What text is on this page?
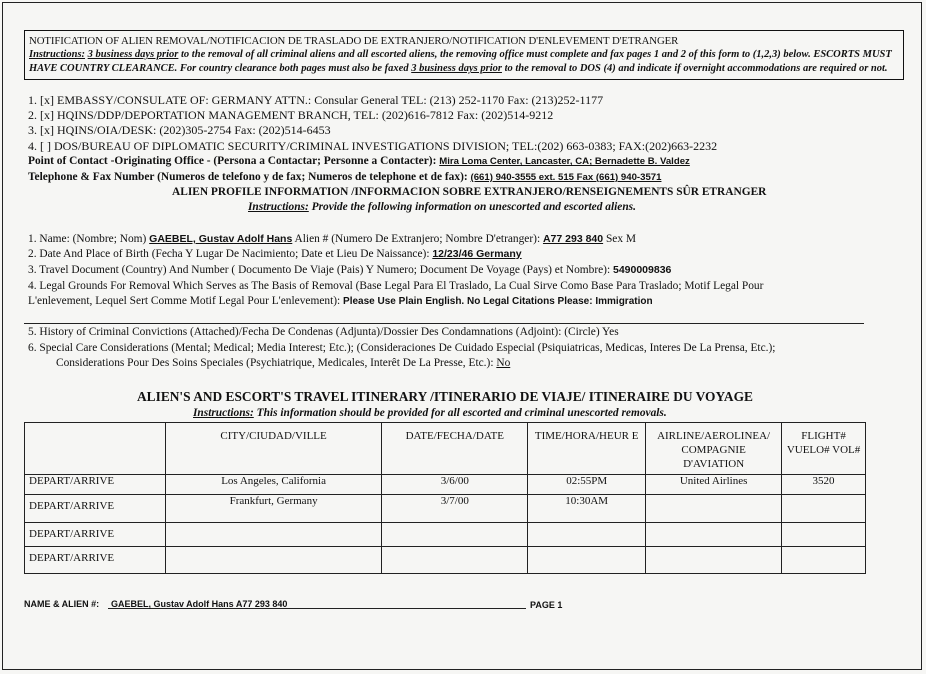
NOTIFICATION OF ALIEN REMOVAL/NOTIFICACION DE TRASLADO DE EXTRANJERO/NOTIFICATION D'ENLEVEMENT D'ETRANGER
Instructions: 3 business days prior to the removal of all criminal aliens and all escorted aliens, the removing office must complete and fax pages 1 and 2 of this form to (1,2,3) below. ESCORTS MUST
HAVE COUNTRY CLEARANCE. For country clearance both pages must also be faxed 3 business days prior to the removal to DOS (4) and indicate if overnight accommodations are required or not.
1. [x] EMBASSY/CONSULATE OF: GERMANY ATTN.: Consular General TEL: (213) 252-1170 Fax: (213)252-1177
2. [x] HQINS/DDP/DEPORTATION MANAGEMENT BRANCH, TEL: (202)616-7812 Fax: (202)514-9212
3. [x] HQINS/OIA/DESK: (202)305-2754 Fax: (202)514-6453
4. [ ] DOS/BUREAU OF DIPLOMATIC SECURITY/CRIMINAL INVESTIGATIONS DIVISION; TEL:(202) 663-0383; FAX:(202)663-2232
Point of Contact -Originating Office - (Persona a Contactar; Personne a Contacter): Mira Loma Center, Lancaster, CA; Bernadette B. Valdez
Telephone & Fax Number (Numeros de telefono y de fax; Numeros de telephone et de fax): (661) 940-3555 ext. 515 Fax (661) 940-3571
ALIEN PROFILE INFORMATION /INFORMACION SOBRE EXTRANJERO/RENSEIGNEMENTS SÛR ETRANGER
Instructions: Provide the following information on unescorted and escorted aliens.
1. Name: (Nombre; Nom) GAEBEL, Gustav Adolf Hans Alien # (Numero De Extranjero; Nombre D'etranger): A77 293 840 Sex M
2. Date And Place of Birth (Fecha Y Lugar De Nacimiento; Date et Lieu De Naissance): 12/23/46 Germany
3. Travel Document (Country) And Number ( Documento De Viaje (Pais) Y Numero; Document De Voyage (Pays) et Nombre): 5490009836
4. Legal Grounds For Removal Which Serves as The Basis of Removal (Base Legal Para El Traslado, La Cual Sirve Como Base Para Traslado; Motif Legal Pour
L'enlevement, Lequel Sert Comme Motif Legal Pour L'enlevement): Please Use Plain English. No Legal Citations Please: Immigration
5. History of Criminal Convictions (Attached)/Fecha De Condenas (Adjunta)/Dossier Des Condamnations (Adjoint): (Circle) Yes
6. Special Care Considerations (Mental; Medical; Media Interest; Etc.); (Consideraciones De Cuidado Especial (Psiquiatricas, Medicas, Interes De La Prensa, Etc.);
Considerations Pour Des Soins Speciales (Psychiatrique, Medicales, Interêt De La Presse, Etc.): No
ALIEN'S AND ESCORT'S TRAVEL ITINERARY /ITINERARIO DE VIAJE/ ITINERAIRE DU VOYAGE
Instructions: This information should be provided for all escorted and criminal unescorted removals.
	CITY/CIUDAD/VILLE	DATE/FECHA/DATE	TIME/HORA/HEUR E	AIRLINE/AEROLINEA/ COMPAGNIE D'AVIATION	FLIGHT# VUELO# VOL#
DEPART/ARRIVE	Los Angeles, California	3/6/00	02:55PM	United Airlines	3520
DEPART/ARRIVE	Frankfurt, Germany	3/7/00	10:30AM		
DEPART/ARRIVE					
DEPART/ARRIVE					
NAME & ALIEN #: GAEBEL, Gustav Adolf Hans A77 293 840	PAGE 1
